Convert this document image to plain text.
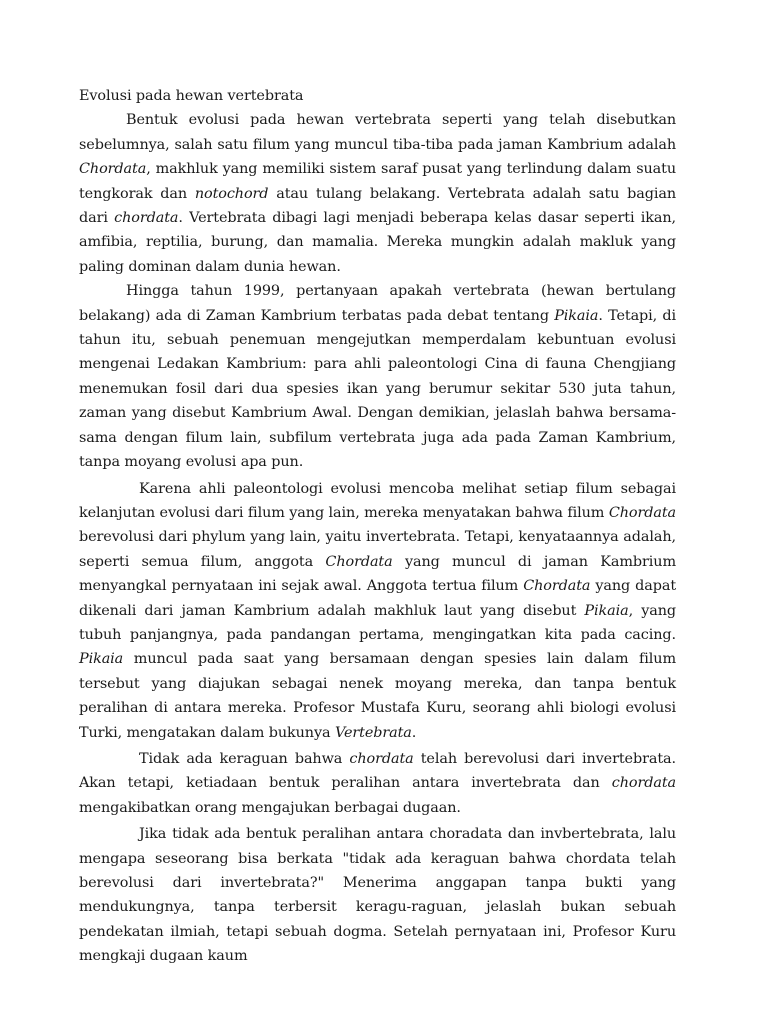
Evolusi pada hewan vertebrata

Bentuk evolusi pada hewan vertebrata seperti yang telah disebutkan sebelumnya, salah satu filum yang muncul tiba-tiba pada jaman Kambrium adalah Chordata, makhluk yang memiliki sistem saraf pusat yang terlindung dalam suatu tengkorak dan notochord atau tulang belakang. Vertebrata adalah satu bagian dari chordata. Vertebrata dibagi lagi menjadi beberapa kelas dasar seperti ikan, amfibia, reptilia, burung, dan mamalia. Mereka mungkin adalah makluk yang paling dominan dalam dunia hewan.

Hingga tahun 1999, pertanyaan apakah vertebrata (hewan bertulang belakang) ada di Zaman Kambrium terbatas pada debat tentang Pikaia. Tetapi, di tahun itu, sebuah penemuan mengejutkan memperdalam kebuntuan evolusi mengenai Ledakan Kambrium: para ahli paleontologi Cina di fauna Chengjiang menemukan fosil dari dua spesies ikan yang berumur sekitar 530 juta tahun, zaman yang disebut Kambrium Awal. Dengan demikian, jelaslah bahwa bersama-sama dengan filum lain, subfilum vertebrata juga ada pada Zaman Kambrium, tanpa moyang evolusi apa pun.

Karena ahli paleontologi evolusi mencoba melihat setiap filum sebagai kelanjutan evolusi dari filum yang lain, mereka menyatakan bahwa filum Chordata berevolusi dari phylum yang lain, yaitu invertebrata. Tetapi, kenyataannya adalah, seperti semua filum, anggota Chordata yang muncul di jaman Kambrium menyangkal pernyataan ini sejak awal. Anggota tertua filum Chordata yang dapat dikenali dari jaman Kambrium adalah makhluk laut yang disebut Pikaia, yang tubuh panjangnya, pada pandangan pertama, mengingatkan kita pada cacing. Pikaia muncul pada saat yang bersamaan dengan spesies lain dalam filum tersebut yang diajukan sebagai nenek moyang mereka, dan tanpa bentuk peralihan di antara mereka. Profesor Mustafa Kuru, seorang ahli biologi evolusi Turki, mengatakan dalam bukunya Vertebrata.

Tidak ada keraguan bahwa chordata telah berevolusi dari invertebrata. Akan tetapi, ketiadaan bentuk peralihan antara invertebrata dan chordata mengakibatkan orang mengajukan berbagai dugaan.

Jika tidak ada bentuk peralihan antara choradata dan invbertebrata, lalu mengapa seseorang bisa berkata "tidak ada keraguan bahwa chordata telah berevolusi dari invertebrata?" Menerima anggapan tanpa bukti yang mendukungnya, tanpa terbersit keragu-raguan, jelaslah bukan sebuah pendekatan ilmiah, tetapi sebuah dogma. Setelah pernyataan ini, Profesor Kuru mengkaji dugaan kaum
